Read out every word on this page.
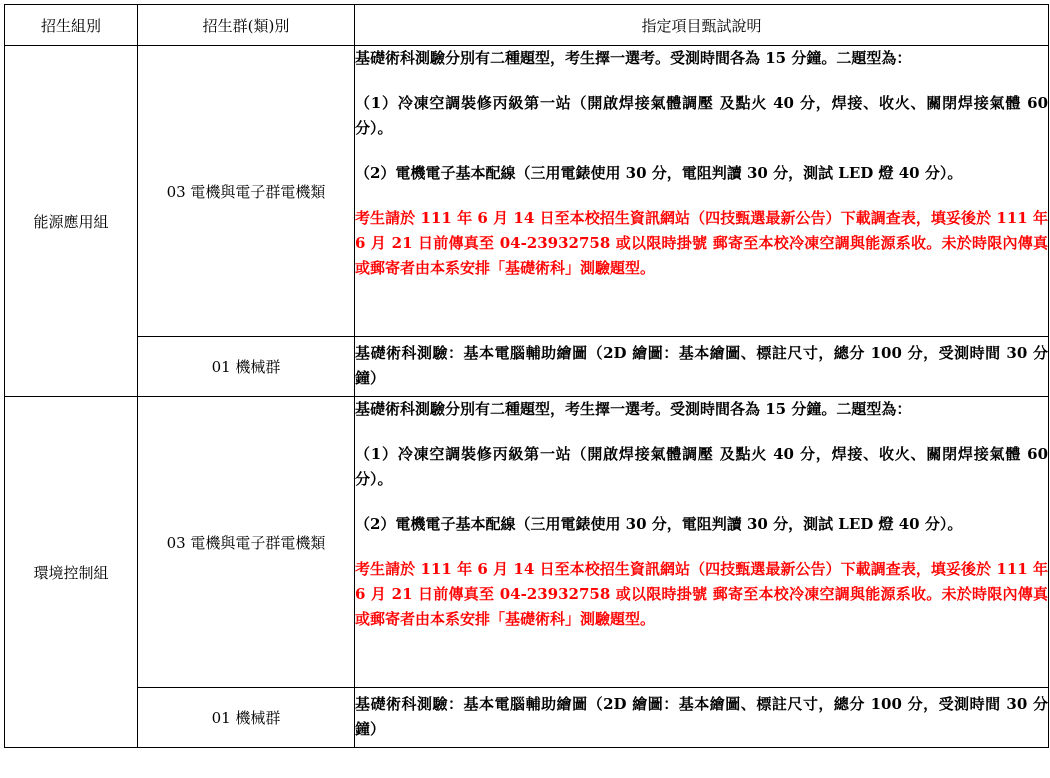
招生組別	招生群(類)別	指定項目甄試說明
能源應用組	03 電機與電子群電機類	基礎術科測驗分別有二種題型，考生擇一選考。受測時間各為 15 分鐘。二題型為：

（1）冷凍空調裝修丙級第一站（開啟焊接氣體調壓 及點火 40 分，焊接、收火、關閉焊接氣體 60 分）。

（2）電機電子基本配線（三用電錶使用 30 分，電阻判讀 30 分，測試 LED 燈 40 分）。

考生請於 111 年 6 月 14 日至本校招生資訊網站（四技甄選最新公告）下載調查表，填妥後於 111 年 6 月 21 日前傳真至 04-23932758 或以限時掛號 郵寄至本校冷凍空調與能源系收。未於時限內傳真或郵寄者由本系安排「基礎術科」測驗題型。

	01 機械群	基礎術科測驗：基本電腦輔助繪圖（2D 繪圖：基本繪圖、標註尺寸，總分 100 分，受測時間 30 分鐘）
環境控制組	03 電機與電子群電機類	基礎術科測驗分別有二種題型，考生擇一選考。受測時間各為 15 分鐘。二題型為：

（1）冷凍空調裝修丙級第一站（開啟焊接氣體調壓 及點火 40 分，焊接、收火、關閉焊接氣體 60 分）。

（2）電機電子基本配線（三用電錶使用 30 分，電阻判讀 30 分，測試 LED 燈 40 分）。

考生請於 111 年 6 月 14 日至本校招生資訊網站（四技甄選最新公告）下載調查表，填妥後於 111 年 6 月 21 日前傳真至 04-23932758 或以限時掛號 郵寄至本校冷凍空調與能源系收。未於時限內傳真或郵寄者由本系安排「基礎術科」測驗題型。

	01 機械群	基礎術科測驗：基本電腦輔助繪圖（2D 繪圖：基本繪圖、標註尺寸，總分 100 分，受測時間 30 分鐘）
